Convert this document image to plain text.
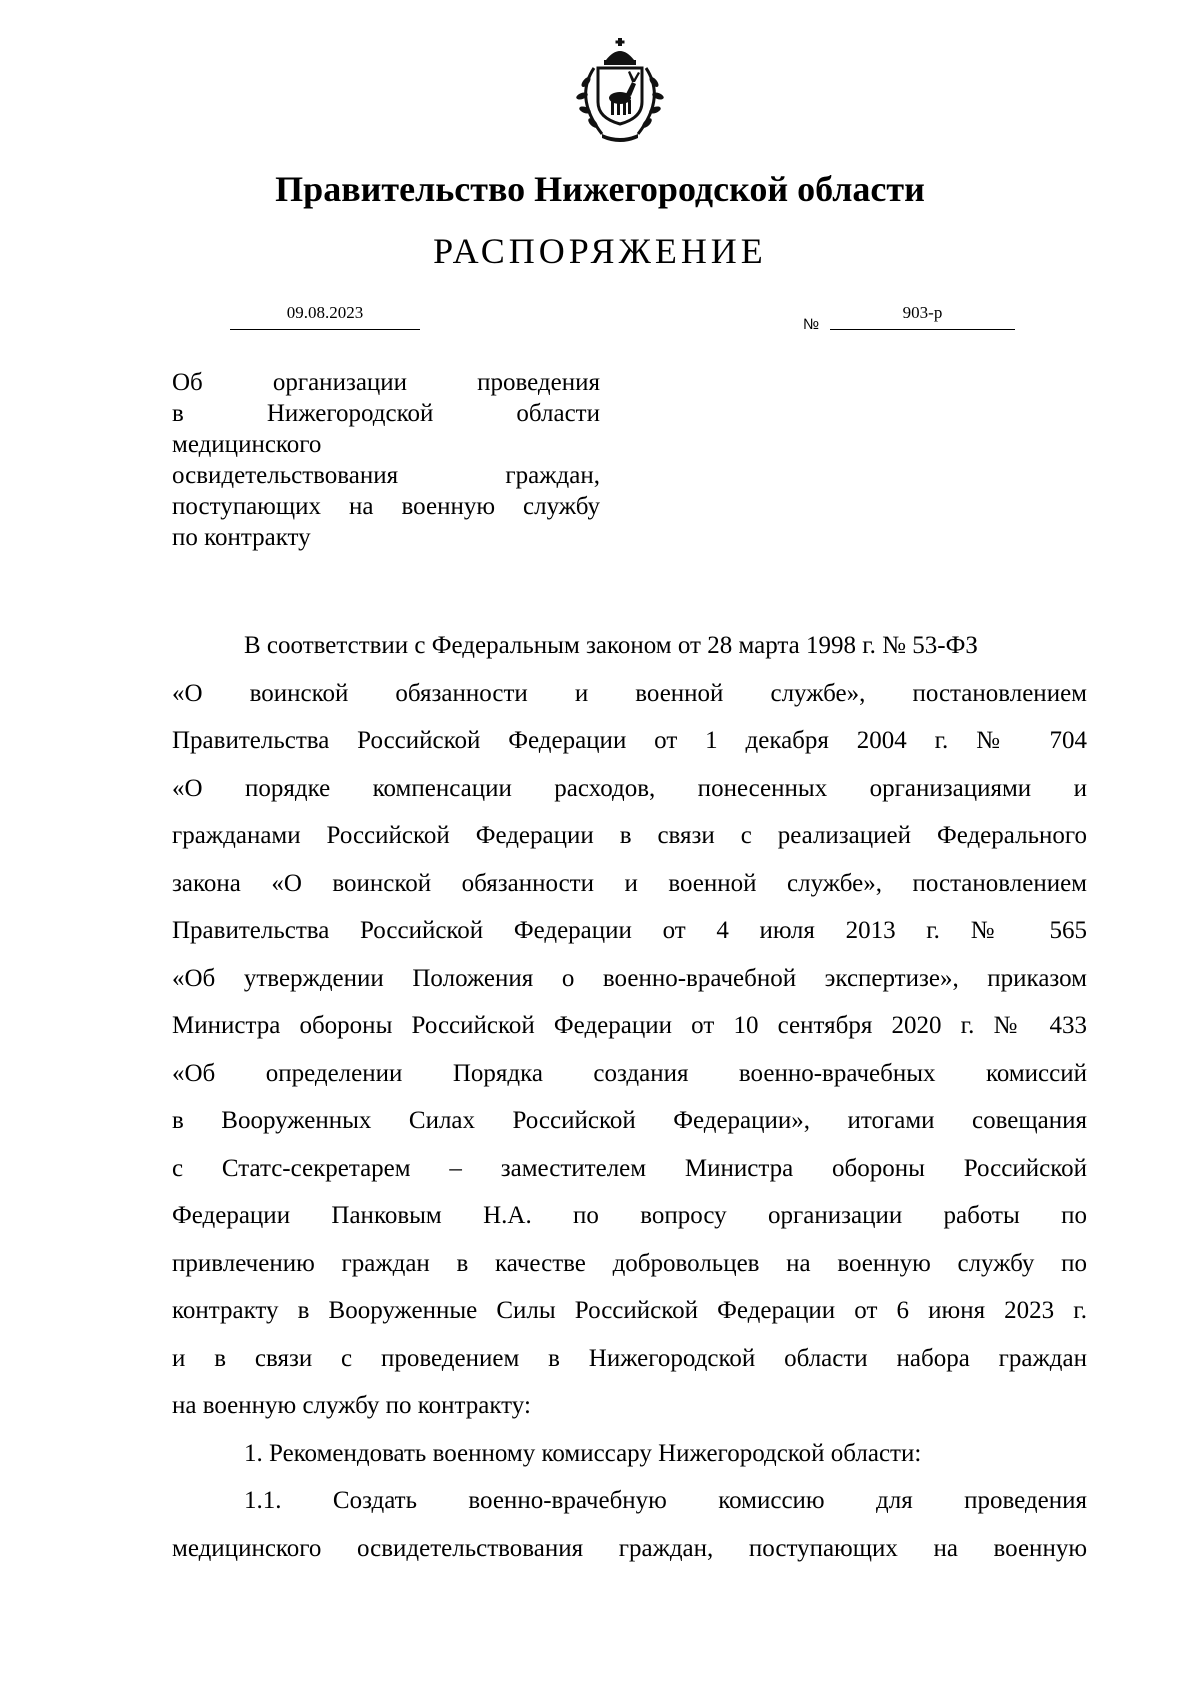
Правительство Нижегородской области
РАСПОРЯЖЕНИЕ
09.08.2023
№
903-р
Об организации проведения
в Нижегородской области
медицинского
освидетельствования граждан,
поступающих на военную службу
по контракту
В соответствии с Федеральным законом от 28 марта 1998 г. № 53-ФЗ
«О воинской обязанности и военной службе», постановлением
Правительства Российской Федерации от 1 декабря 2004 г. № 704
«О порядке компенсации расходов, понесенных организациями и
гражданами Российской Федерации в связи с реализацией Федерального
закона «О воинской обязанности и военной службе», постановлением
Правительства Российской Федерации от 4 июля 2013 г. № 565
«Об утверждении Положения о военно-врачебной экспертизе», приказом
Министра обороны Российской Федерации от 10 сентября 2020 г. № 433
«Об определении Порядка создания военно-врачебных комиссий
в Вооруженных Силах Российской Федерации», итогами совещания
с Статс-секретарем – заместителем Министра обороны Российской
Федерации Панковым Н.А. по вопросу организации работы по
привлечению граждан в качестве добровольцев на военную службу по
контракту в Вооруженные Силы Российской Федерации от 6 июня 2023 г.
и в связи с проведением в Нижегородской области набора граждан
на военную службу по контракту:
1. Рекомендовать военному комиссару Нижегородской области:
1.1. Создать военно-врачебную комиссию для проведения
медицинского освидетельствования граждан, поступающих на военную
